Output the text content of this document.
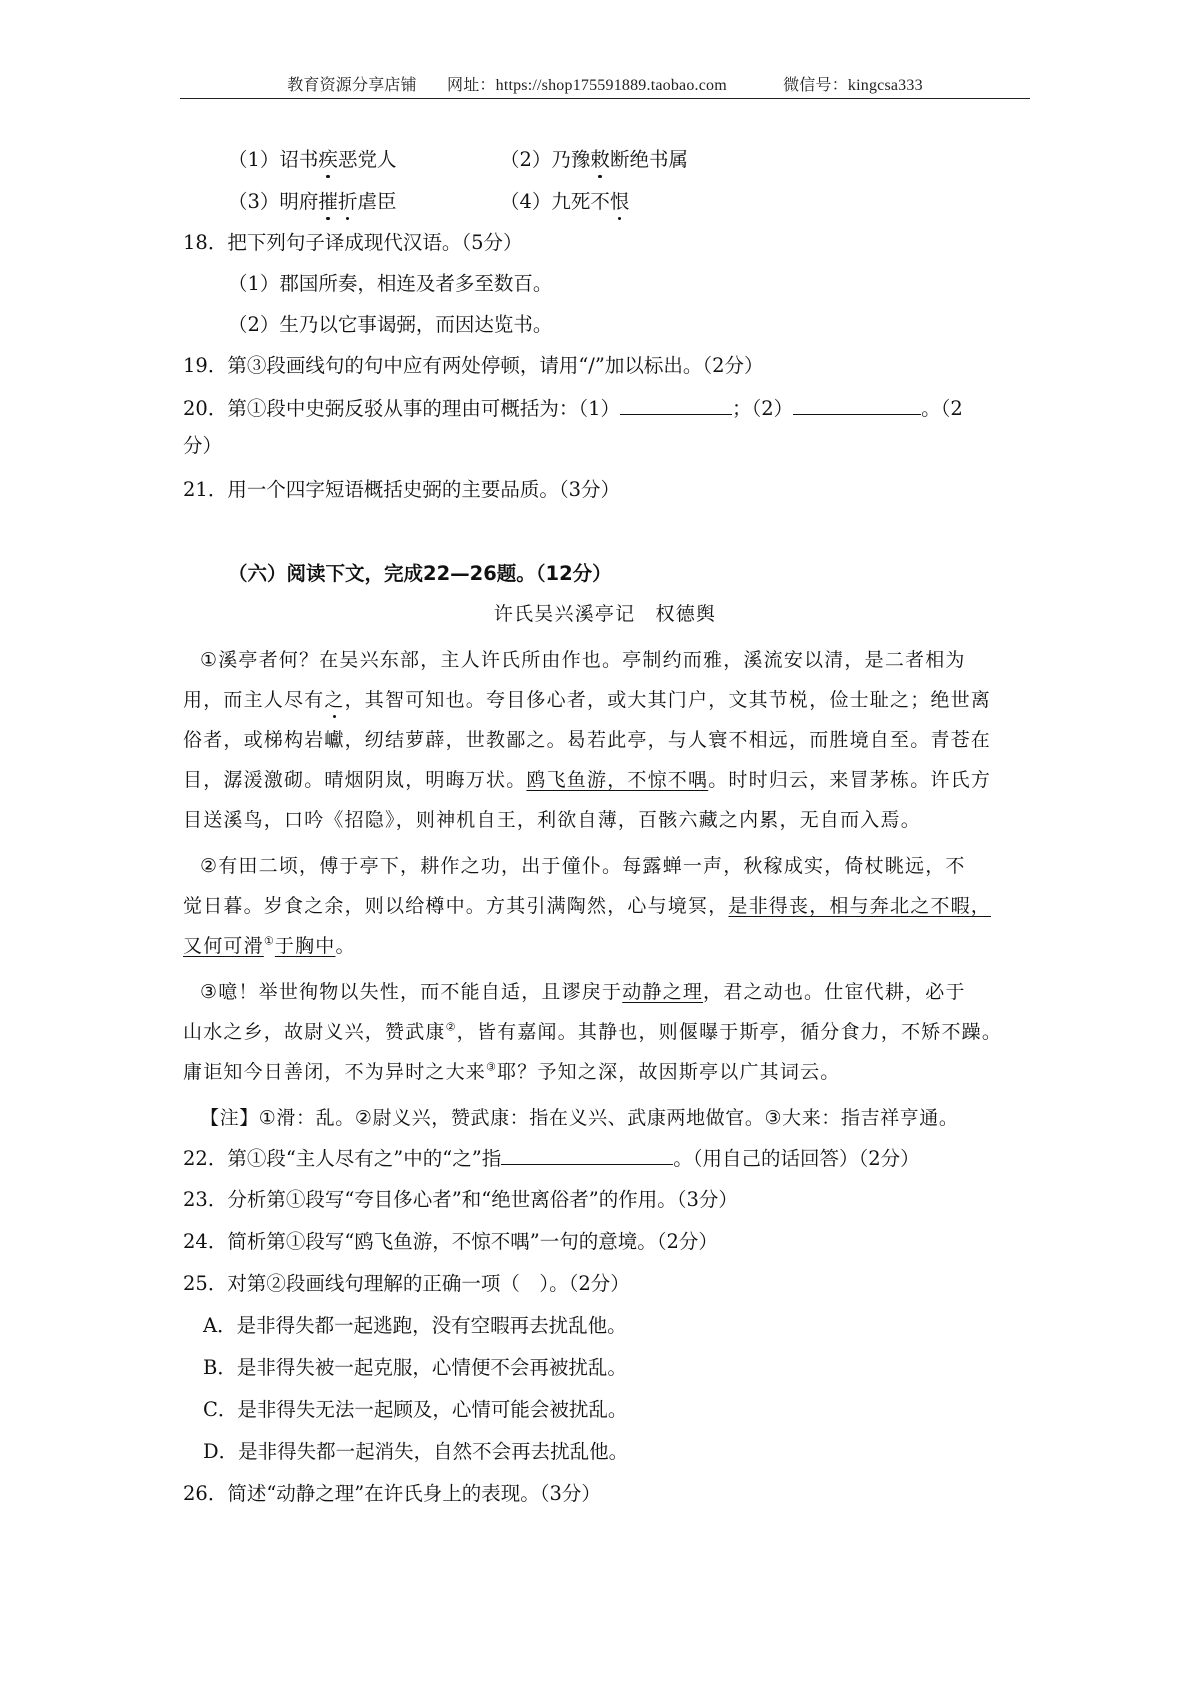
教育资源分享店铺 网址：https://shop175591889.taobao.com	微信号：kingcsa333
（1）诏书疾恶党人	（2）乃豫敕断绝书属
（3）明府摧折虐臣	（4）九死不恨
18．把下列句子译成现代汉语。（5分）
（1）郡国所奏，相连及者多至数百。
（2）生乃以它事谒弼，而因达览书。
19．第③段画线句的句中应有两处停顿，请用“/”加以标出。（2分）
20．第①段中史弼反驳从事的理由可概括为：（1）	；（2）	。（2
分）
21．用一个四字短语概括史弼的主要品质。（3分）
（六）阅读下文，完成22—26题。（12分）
许氏吴兴溪亭记　权德舆
①溪亭者何？在吴兴东部，主人许氏所由作也。亭制约而雅，溪流安以清，是二者相为
用，而主人尽有之，其智可知也。夸目侈心者，或大其门户，文其节棁，俭士耻之；绝世离
俗者，或梯构岩巘，纫结萝薜，世教鄙之。曷若此亭，与人寰不相远，而胜境自至。青苍在
目，潺湲激砌。晴烟阴岚，明晦万状。鸥飞鱼游，不惊不喁。时时归云，来冒茅栋。许氏方
目送溪鸟，口吟《招隐》，则神机自王，利欲自薄，百骸六藏之内累，无自而入焉。
②有田二顷，傅于亭下，耕作之功，出于僮仆。每露蝉一声，秋稼成实，倚杖眺远，不
觉日暮。岁食之余，则以给樽中。方其引满陶然，心与境冥，是非得丧，相与奔北之不暇，
又何可滑①于胸中。
③噫！举世徇物以失性，而不能自适，且谬戾于动静之理，君之动也。仕宦代耕，必于
山水之乡，故尉义兴，赞武康②，皆有嘉闻。其静也，则偃曝于斯亭，循分食力，不矫不躁。
庸讵知今日善闭，不为异时之大来③耶？予知之深，故因斯亭以广其词云。
【注】①滑：乱。②尉义兴，赞武康：指在义兴、武康两地做官。③大来：指吉祥亨通。
22．第①段“主人尽有之”中的“之”指	。（用自己的话回答）（2分）
23．分析第①段写“夸目侈心者”和“绝世离俗者”的作用。（3分）
24．简析第①段写“鸥飞鱼游，不惊不喁”一句的意境。（2分）
25．对第②段画线句理解的正确一项（　）。（2分）
A．是非得失都一起逃跑，没有空暇再去扰乱他。
B．是非得失被一起克服，心情便不会再被扰乱。
C．是非得失无法一起顾及，心情可能会被扰乱。
D．是非得失都一起消失，自然不会再去扰乱他。
26．简述“动静之理”在许氏身上的表现。（3分）
